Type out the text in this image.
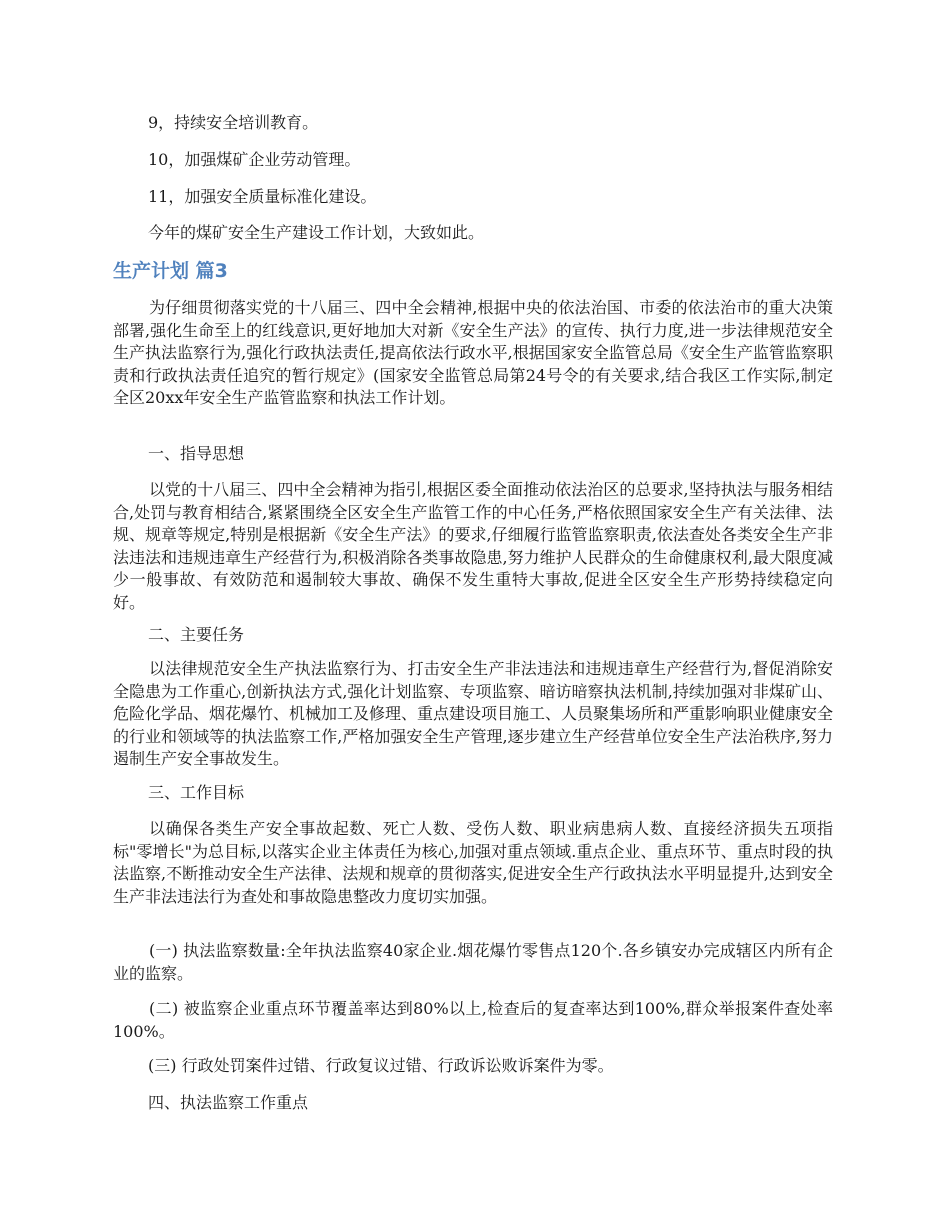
9，持续安全培训教育。
10，加强煤矿企业劳动管理。
11，加强安全质量标准化建设。
今年的煤矿安全生产建设工作计划，大致如此。
生产计划 篇3

为仔细贯彻落实党的十八届三、四中全会精神,根据中央的依法治国、市委的依法治市的重大决策部署,强化生命至上的红线意识,更好地加大对新《安全生产法》的宣传、执行力度,进一步法律规范安全生产执法监察行为,强化行政执法责任,提高依法行政水平,根据国家安全监管总局《安全生产监管监察职责和行政执法责任追究的暂行规定》(国家安全监管总局第24号令的有关要求,结合我区工作实际,制定全区20xx年安全生产监管监察和执法工作计划。

一、指导思想

以党的十八届三、四中全会精神为指引,根据区委全面推动依法治区的总要求,坚持执法与服务相结合,处罚与教育相结合,紧紧围绕全区安全生产监管工作的中心任务,严格依照国家安全生产有关法律、法规、规章等规定,特别是根据新《安全生产法》的要求,仔细履行监管监察职责,依法查处各类安全生产非法违法和违规违章生产经营行为,积极消除各类事故隐患,努力维护人民群众的生命健康权利,最大限度减少一般事故、有效防范和遏制较大事故、确保不发生重特大事故,促进全区安全生产形势持续稳定向好。

二、主要任务

以法律规范安全生产执法监察行为、打击安全生产非法违法和违规违章生产经营行为,督促消除安全隐患为工作重心,创新执法方式,强化计划监察、专项监察、暗访暗察执法机制,持续加强对非煤矿山、危险化学品、烟花爆竹、机械加工及修理、重点建设项目施工、人员聚集场所和严重影响职业健康安全的行业和领域等的执法监察工作,严格加强安全生产管理,逐步建立生产经营单位安全生产法治秩序,努力遏制生产安全事故发生。

三、工作目标

以确保各类生产安全事故起数、死亡人数、受伤人数、职业病患病人数、直接经济损失五项指标"零增长"为总目标,以落实企业主体责任为核心,加强对重点领域.重点企业、重点环节、重点时段的执法监察,不断推动安全生产法律、法规和规章的贯彻落实,促进安全生产行政执法水平明显提升,达到安全生产非法违法行为查处和事故隐患整改力度切实加强。

(一) 执法监察数量:全年执法监察40家企业.烟花爆竹零售点120个.各乡镇安办完成辖区内所有企业的监察。

(二) 被监察企业重点环节覆盖率达到80%以上,检查后的复查率达到100%,群众举报案件查处率100%。

(三) 行政处罚案件过错、行政复议过错、行政诉讼败诉案件为零。
四、执法监察工作重点
